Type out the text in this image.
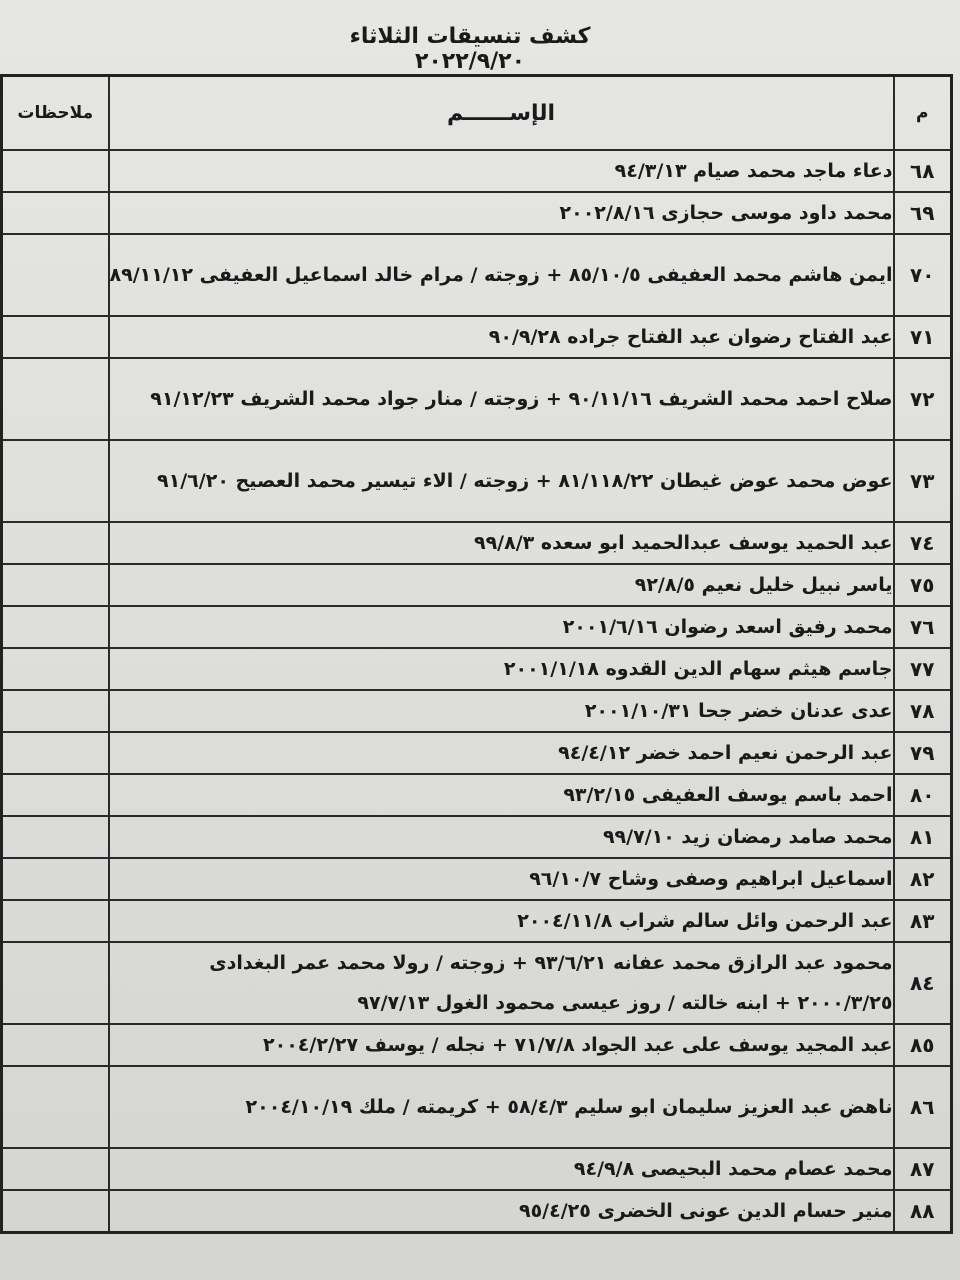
كشف تنسيقات الثلاثاء ٢٠٢٢/٩/٢٠
م	الإســــــم	ملاحظات
٦٨	دعاء ماجد محمد صيام ٩٤/٣/١٣	
٦٩	محمد داود موسى حجازى ٢٠٠٢/٨/١٦	
٧٠	ايمن هاشم محمد العفيفى ٨٥/١٠/٥ + زوجته / مرام خالد اسماعيل العفيفى ٨٩/١١/١٢	
٧١	عبد الفتاح رضوان عبد الفتاح جراده ٩٠/٩/٢٨	
٧٢	صلاح احمد محمد الشريف ٩٠/١١/١٦ + زوجته / منار جواد محمد الشريف ٩١/١٢/٢٣	
٧٣	عوض محمد عوض غيطان ٨١/١١٨/٢٢ + زوجته / الاء تيسير محمد العصيح ٩١/٦/٢٠	
٧٤	عبد الحميد يوسف عبدالحميد ابو سعده ٩٩/٨/٣	
٧٥	ياسر نبيل خليل نعيم ٩٢/٨/٥	
٧٦	محمد رفيق اسعد رضوان ٢٠٠١/٦/١٦	
٧٧	جاسم هيثم سهام الدين القدوه ٢٠٠١/١/١٨	
٧٨	عدى عدنان خضر جحا ٢٠٠١/١٠/٣١	
٧٩	عبد الرحمن نعيم احمد خضر ٩٤/٤/١٢	
٨٠	احمد باسم يوسف العفيفى ٩٣/٢/١٥	
٨١	محمد صامد رمضان زيد ٩٩/٧/١٠	
٨٢	اسماعيل ابراهيم وصفى وشاح ٩٦/١٠/٧	
٨٣	عبد الرحمن وائل سالم شراب ٢٠٠٤/١١/٨	
٨٤	محمود عبد الرازق محمد عفانه ٩٣/٦/٢١ + زوجته / رولا محمد عمر البغدادى ٢٠٠٠/٣/٢٥ + ابنه خالته / روز عيسى محمود الغول ٩٧/٧/١٣	
٨٥	عبد المجيد يوسف على عبد الجواد ٧١/٧/٨ + نجله / يوسف ٢٠٠٤/٢/٢٧	
٨٦	ناهض عبد العزيز سليمان ابو سليم ٥٨/٤/٣ + كريمته / ملك ٢٠٠٤/١٠/١٩	
٨٧	محمد عصام محمد البحيصى ٩٤/٩/٨	
٨٨	منير حسام الدين عونى الخضرى ٩٥/٤/٢٥	
